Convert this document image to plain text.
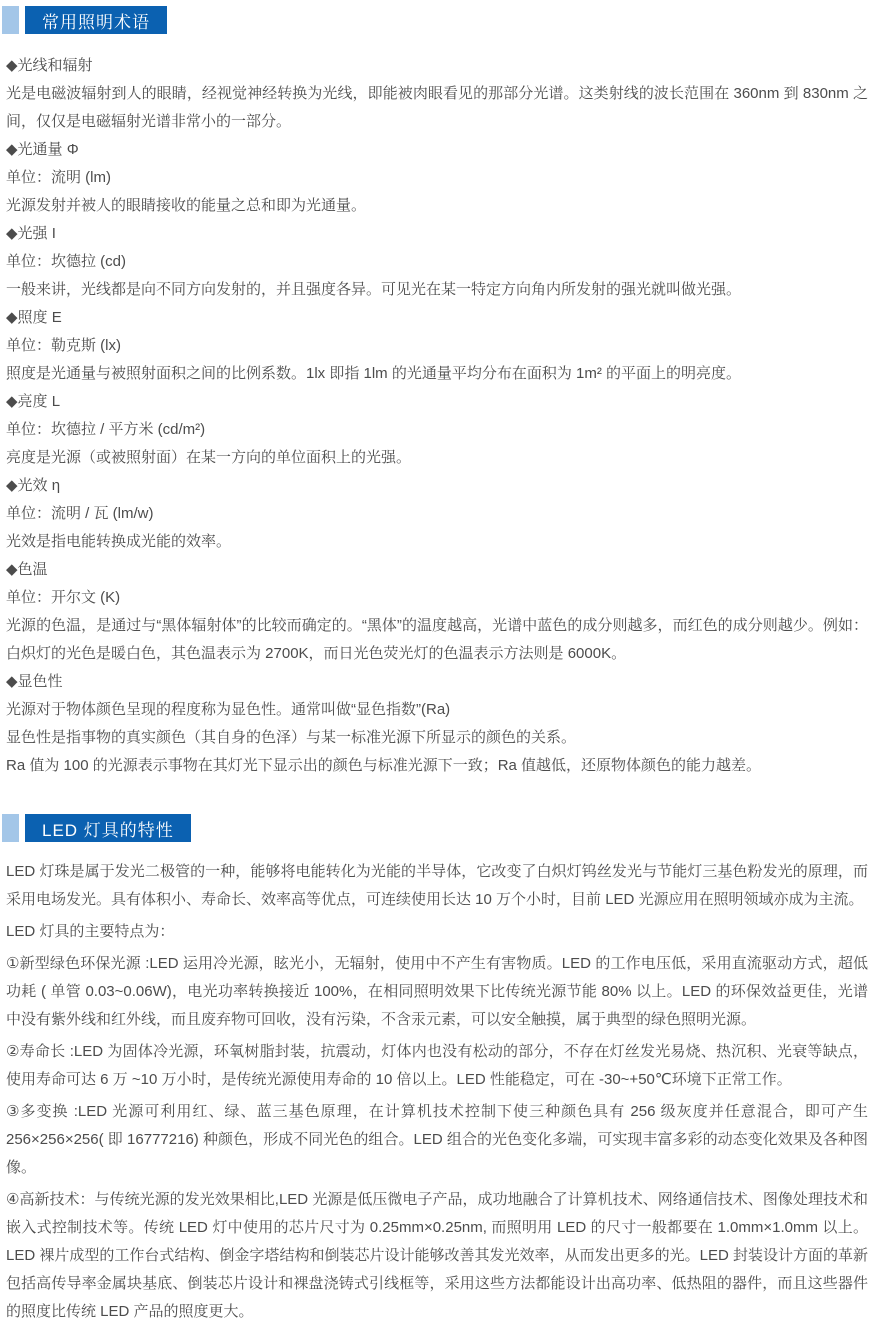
常用照明术语
◆光线和辐射
光是电磁波辐射到人的眼睛，经视觉神经转换为光线，即能被肉眼看见的那部分光谱。这类射线的波长范围在 360nm 到 830nm 之间，仅仅是电磁辐射光谱非常小的一部分。
◆光通量 Φ
单位：流明 (lm)
光源发射并被人的眼睛接收的能量之总和即为光通量。
◆光强 I
单位：坎德拉 (cd)
一般来讲，光线都是向不同方向发射的，并且强度各异。可见光在某一特定方向角内所发射的强光就叫做光强。
◆照度 E
单位：勒克斯 (lx)
照度是光通量与被照射面积之间的比例系数。1lx 即指 1lm 的光通量平均分布在面积为 1m² 的平面上的明亮度。
◆亮度 L
单位：坎德拉 / 平方米 (cd/m²)
亮度是光源（或被照射面）在某一方向的单位面积上的光强。
◆光效 η
单位：流明 / 瓦 (lm/w)
光效是指电能转换成光能的效率。
◆色温
单位：开尔文 (K)
光源的色温，是通过与“黑体辐射体”的比较而确定的。“黑体”的温度越高，光谱中蓝色的成分则越多，而红色的成分则越少。例如：白炽灯的光色是暖白色，其色温表示为 2700K，而日光色荧光灯的色温表示方法则是 6000K。
◆显色性
光源对于物体颜色呈现的程度称为显色性。通常叫做“显色指数”(Ra)
显色性是指事物的真实颜色（其自身的色泽）与某一标准光源下所显示的颜色的关系。
Ra 值为 100 的光源表示事物在其灯光下显示出的颜色与标准光源下一致；Ra 值越低，还原物体颜色的能力越差。
LED 灯具的特性
LED 灯珠是属于发光二极管的一种，能够将电能转化为光能的半导体，它改变了白炽灯钨丝发光与节能灯三基色粉发光的原理，而采用电场发光。具有体积小、寿命长、效率高等优点，可连续使用长达 10 万个小时，目前 LED 光源应用在照明领域亦成为主流。
LED 灯具的主要特点为：
①新型绿色环保光源 :LED 运用冷光源，眩光小，无辐射，使用中不产生有害物质。LED 的工作电压低，采用直流驱动方式，超低功耗 ( 单管 0.03~0.06W)，电光功率转换接近 100%，在相同照明效果下比传统光源节能 80% 以上。LED 的环保效益更佳，光谱中没有紫外线和红外线，而且废弃物可回收，没有污染，不含汞元素，可以安全触摸，属于典型的绿色照明光源。
②寿命长 :LED 为固体冷光源，环氧树脂封装，抗震动，灯体内也没有松动的部分，不存在灯丝发光易烧、热沉积、光衰等缺点，使用寿命可达 6 万 ~10 万小时，是传统光源使用寿命的 10 倍以上。LED 性能稳定，可在 -30~+50℃环境下正常工作。
③多变换 :LED 光源可利用红、绿、蓝三基色原理，在计算机技术控制下使三种颜色具有 256 级灰度并任意混合，即可产生 256×256×256( 即 16777216) 种颜色，形成不同光色的组合。LED 组合的光色变化多端，可实现丰富多彩的动态变化效果及各种图像。
④高新技术：与传统光源的发光效果相比,LED 光源是低压微电子产品，成功地融合了计算机技术、网络通信技术、图像处理技术和嵌入式控制技术等。传统 LED 灯中使用的芯片尺寸为 0.25mm×0.25nm, 而照明用 LED 的尺寸一般都要在 1.0mm×1.0mm 以上。LED 裸片成型的工作台式结构、倒金字塔结构和倒装芯片设计能够改善其发光效率，从而发出更多的光。LED 封装设计方面的革新包括高传导率金属块基底、倒装芯片设计和裸盘浇铸式引线框等，采用这些方法都能设计出高功率、低热阻的器件，而且这些器件的照度比传统 LED 产品的照度更大。
